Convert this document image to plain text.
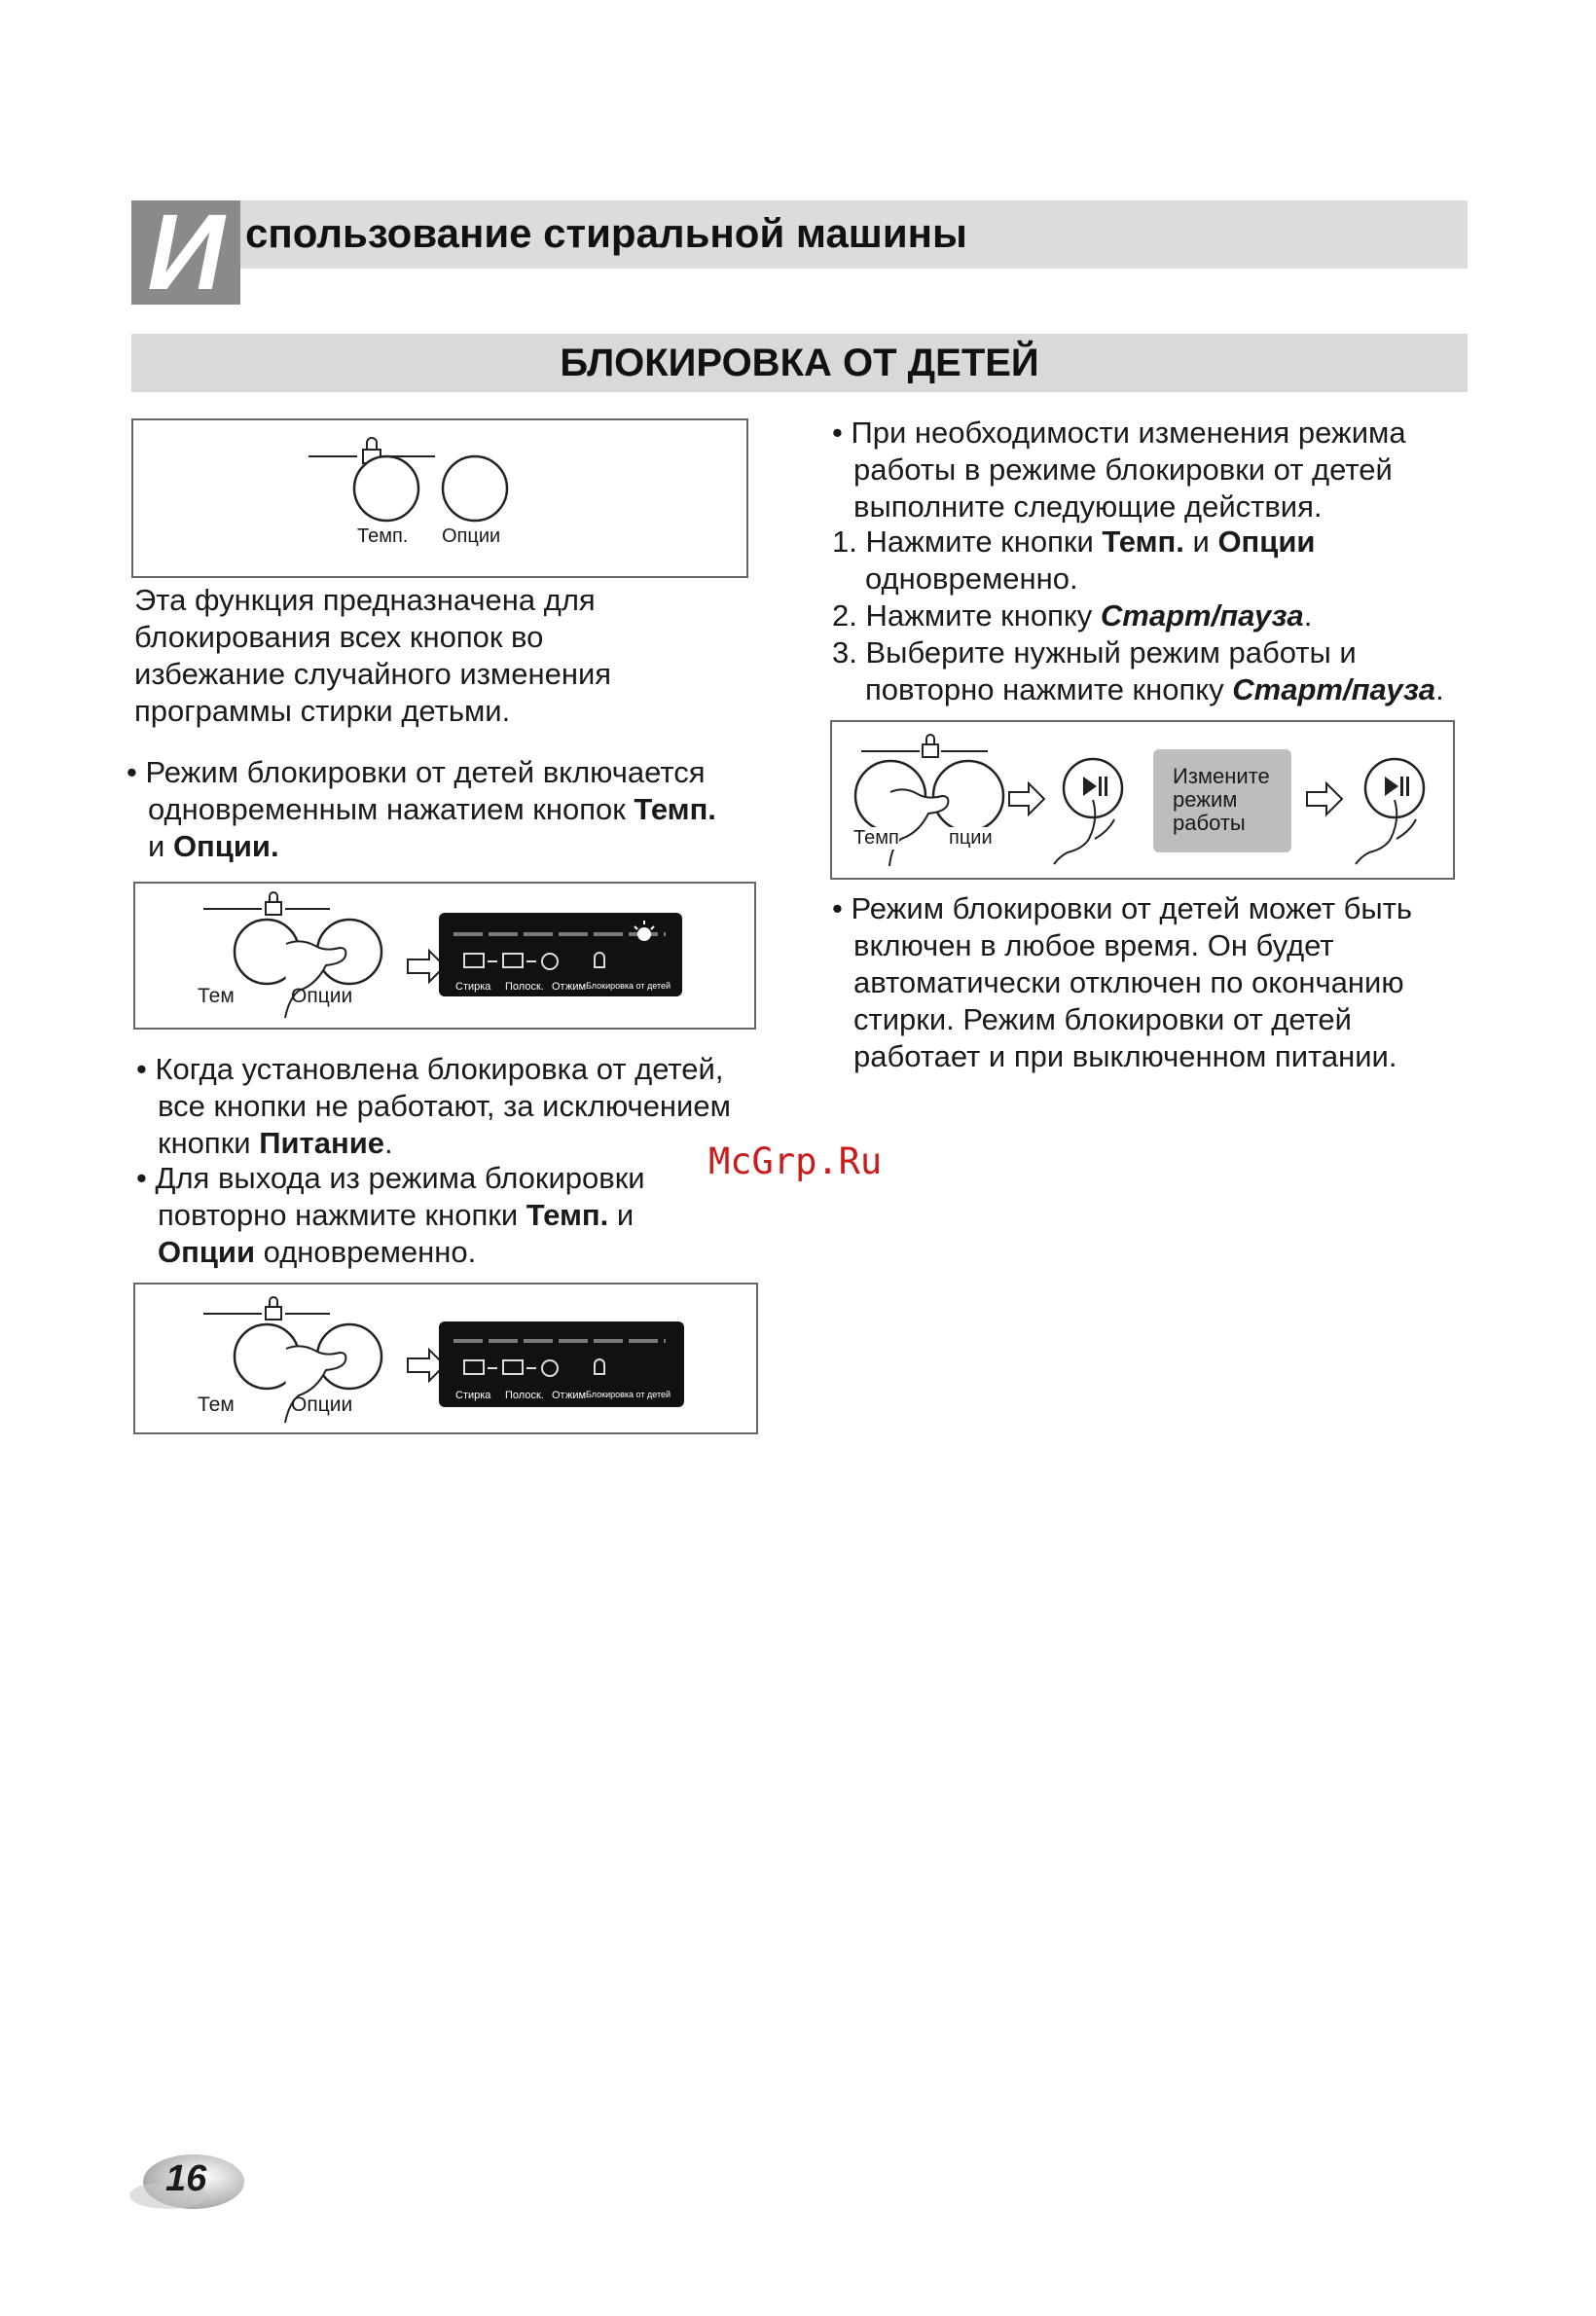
И спользование стиральной машины
БЛОКИРОВКА ОТ ДЕТЕЙ
Темп. Опции
Эта функция предназначена для
блокирования всех кнопок во
избежание случайного изменения
программы стирки детьми.

• Режим блокировки от детей включается одновременным нажатием кнопок Темп. и Опции.

Стирка Полоск. Отжим Блокировка от детей
Тем	Опции

• Когда установлена блокировка от детей, все кнопки не работают, за исключением кнопки Питание.

• Для выхода из режима блокировки повторно нажмите кнопки Темп. и Опции одновременно.

Стирка Полоск. Отжим Блокировка от детей
Тем	Опции

• При необходимости изменения режима работы в режиме блокировки от детей выполните следующие действия.

1. Нажмите кнопки Темп. и Опции одновременно.

2. Нажмите кнопку Старт/пауза.

3. Выберите нужный режим работы и повторно нажмите кнопку Старт/пауза.

Измените
режим
работы
Темп	пции

• Режим блокировки от детей может быть включен в любое время. Он будет автоматически отключен по окончанию стирки. Режим блокировки от детей работает и при выключенном питании.

McGrp.Ru
16
